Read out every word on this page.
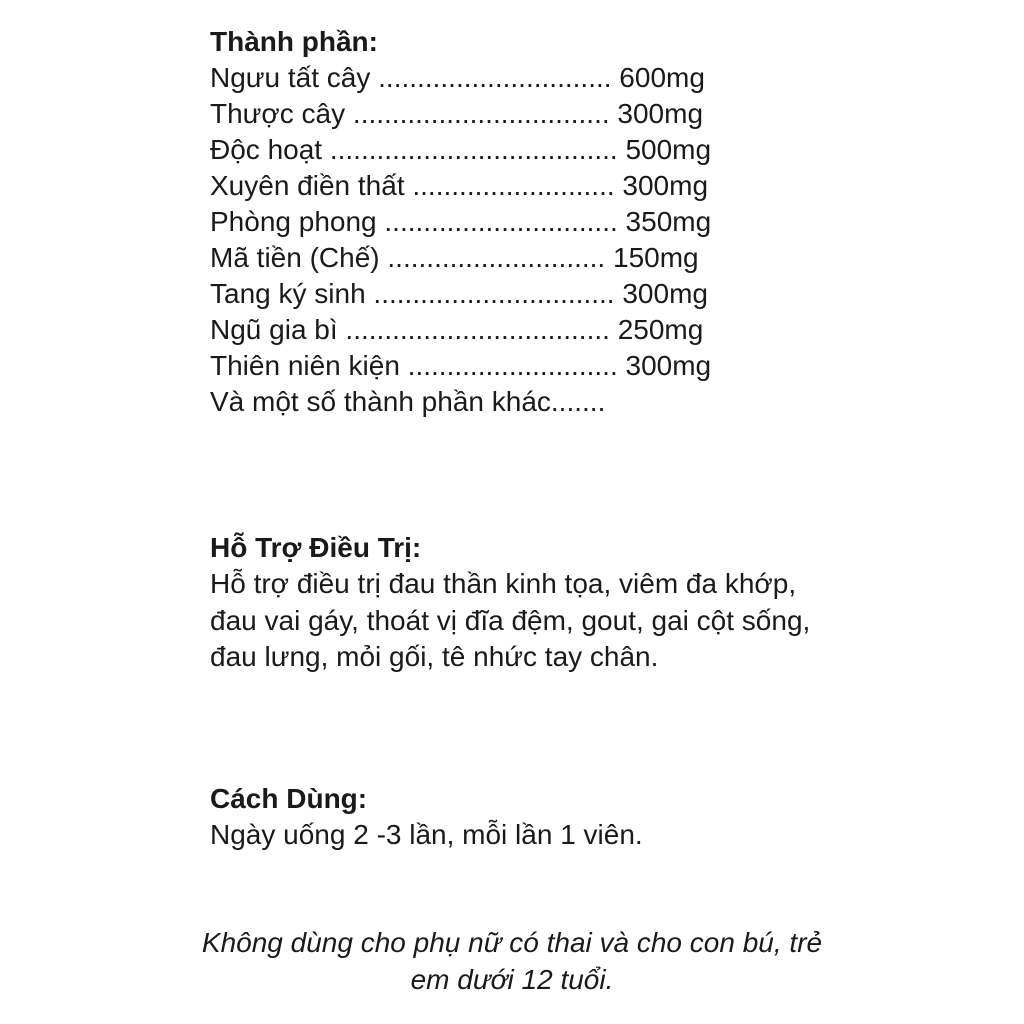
Thành phần:

Ngưu tất cây .............................. 600mg

Thược cây ................................. 300mg

Độc hoạt ..................................... 500mg

Xuyên điền thất .......................... 300mg

Phòng phong .............................. 350mg

Mã tiền (Chế) ............................ 150mg

Tang ký sinh ............................... 300mg

Ngũ gia bì .................................. 250mg

Thiên niên kiện ........................... 300mg

Và một số thành phần khác.......

Hỗ Trợ Điều Trị:

Hỗ trợ điều trị đau thần kinh tọa, viêm đa khớp, đau vai gáy, thoát vị đĩa đệm, gout, gai cột sống, đau lưng, mỏi gối, tê nhức tay chân.

Cách Dùng:

Ngày uống 2 -3 lần, mỗi lần 1 viên.

Không dùng cho phụ nữ có thai và cho con bú, trẻ em dưới 12 tuổi.
